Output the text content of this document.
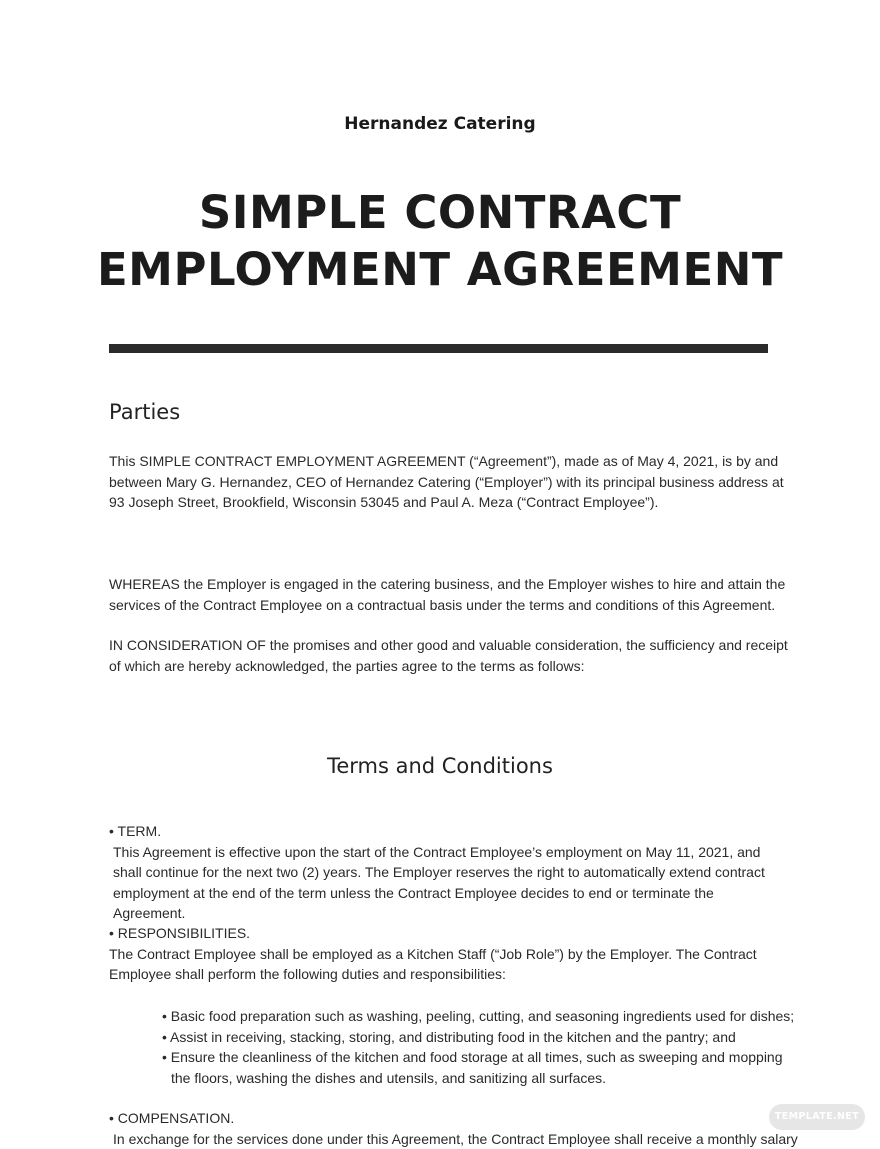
Hernandez Catering
SIMPLE CONTRACT
EMPLOYMENT AGREEMENT
Parties
This SIMPLE CONTRACT EMPLOYMENT AGREEMENT (“Agreement”), made as of May 4, 2021, is by and between Mary G. Hernandez, CEO of Hernandez Catering (“Employer”) with its principal business address at 93 Joseph Street, Brookfield, Wisconsin 53045 and Paul A. Meza (“Contract Employee”).
WHEREAS the Employer is engaged in the catering business, and the Employer wishes to hire and attain the services of the Contract Employee on a contractual basis under the terms and conditions of this Agreement.
IN CONSIDERATION OF the promises and other good and valuable consideration, the sufficiency and receipt of which are hereby acknowledged, the parties agree to the terms as follows:
Terms and Conditions
• TERM.
This Agreement is effective upon the start of the Contract Employee’s employment on May 11, 2021, and shall continue for the next two (2) years. The Employer reserves the right to automatically extend contract employment at the end of the term unless the Contract Employee decides to end or terminate the Agreement.
• RESPONSIBILITIES.
The Contract Employee shall be employed as a Kitchen Staff (“Job Role”) by the Employer. The Contract Employee shall perform the following duties and responsibilities:
• Basic food preparation such as washing, peeling, cutting, and seasoning ingredients used for dishes;
• Assist in receiving, stacking, storing, and distributing food in the kitchen and the pantry; and
• Ensure the cleanliness of the kitchen and food storage at all times, such as sweeping and mopping the floors, washing the dishes and utensils, and sanitizing all surfaces.
• COMPENSATION.
In exchange for the services done under this Agreement, the Contract Employee shall receive a monthly salary
TEMPLATE.NET
